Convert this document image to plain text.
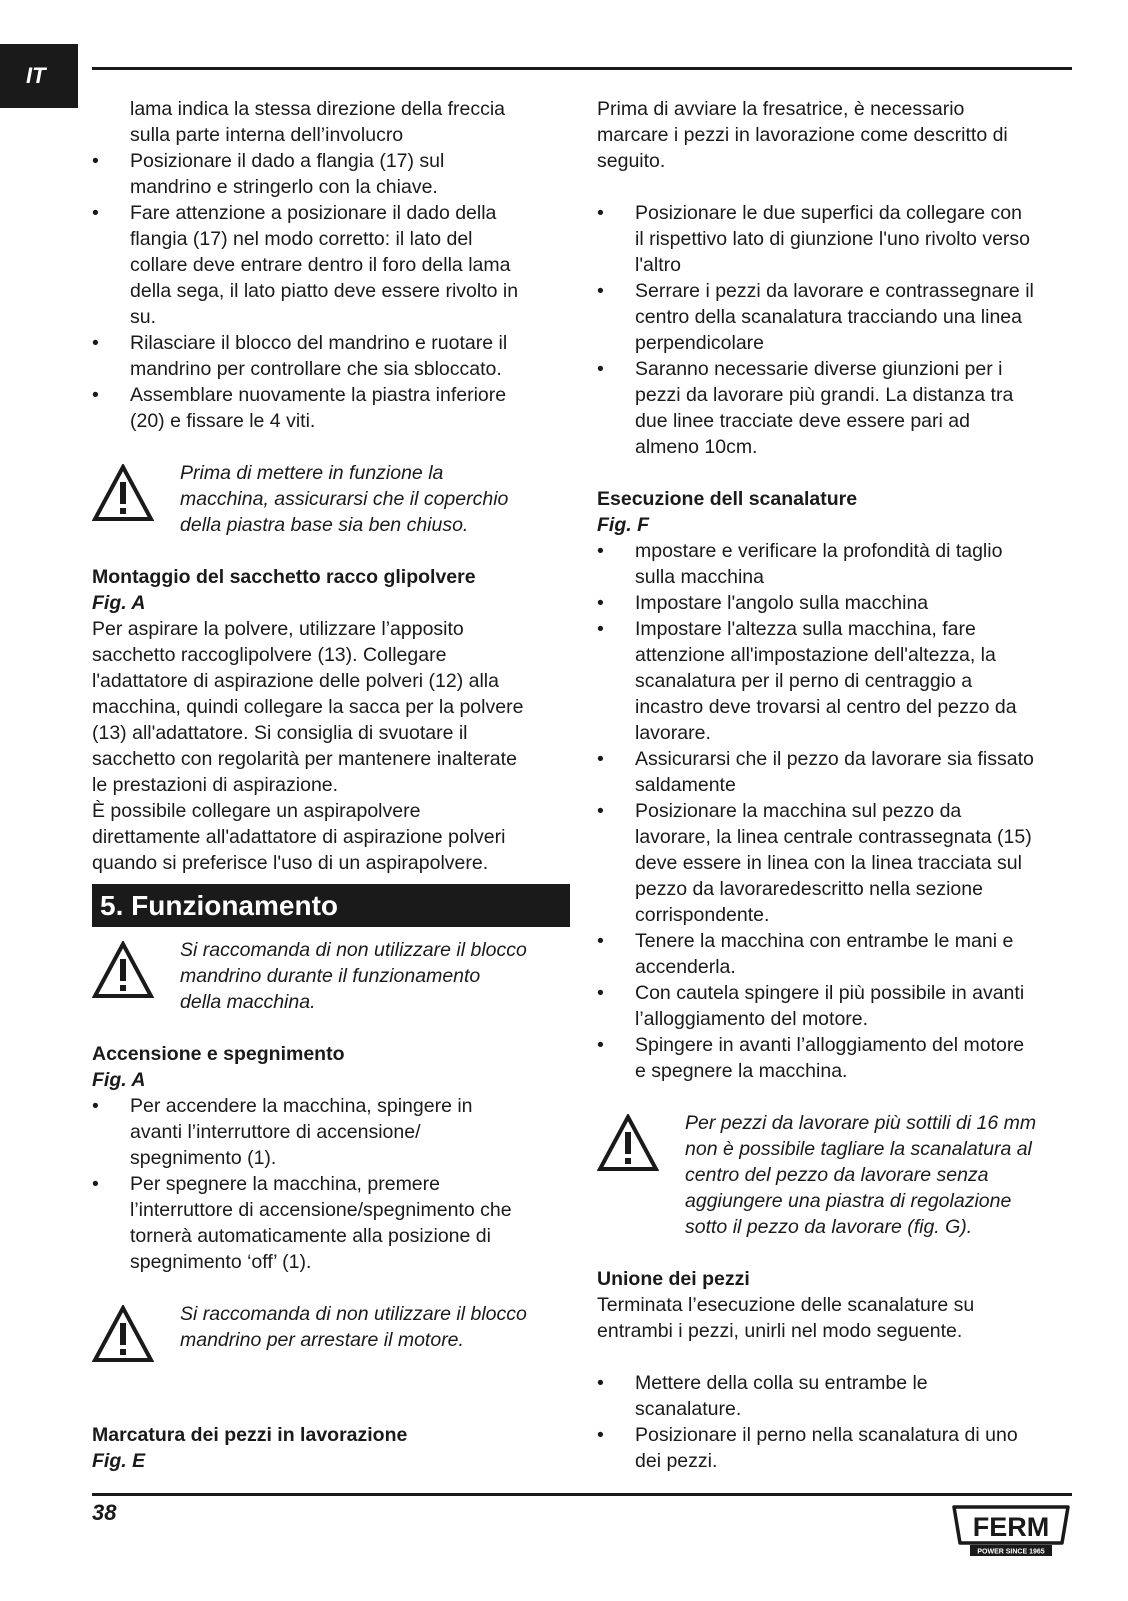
IT
lama indica la stessa direzione della freccia
sulla parte interna dell’involucro
•	Posizionare il dado a flangia (17) sul
mandrino e stringerlo con la chiave.
•	Fare attenzione a posizionare il dado della
flangia (17) nel modo corretto: il lato del
collare deve entrare dentro il foro della lama
della sega, il lato piatto deve essere rivolto in
su.
•	Rilasciare il blocco del mandrino e ruotare il
mandrino per controllare che sia sbloccato.
•	Assemblare nuovamente la piastra inferiore
(20) e fissare le 4 viti.
Prima di mettere in funzione la
macchina, assicurarsi che il coperchio
della piastra base sia ben chiuso.
Montaggio del sacchetto racco glipolvere
Fig. A
Per aspirare la polvere, utilizzare l’apposito
sacchetto raccoglipolvere (13). Collegare
l'adattatore di aspirazione delle polveri (12) alla
macchina, quindi collegare la sacca per la polvere
(13) all'adattatore. Si consiglia di svuotare il
sacchetto con regolarità per mantenere inalterate
le prestazioni di aspirazione.
È possibile collegare un aspirapolvere
direttamente all'adattatore di aspirazione polveri
quando si preferisce l'uso di un aspirapolvere.
5. Funzionamento
Si raccomanda di non utilizzare il blocco
mandrino durante il funzionamento
della macchina.
Accensione e spegnimento
Fig. A
•	Per accendere la macchina, spingere in
avanti l’interruttore di accensione/
spegnimento (1).
•	Per spegnere la macchina, premere
l’interruttore di accensione/spegnimento che
tornerà automaticamente alla posizione di
spegnimento ‘off’ (1).
Si raccomanda di non utilizzare il blocco
mandrino per arrestare il motore.
Marcatura dei pezzi in lavorazione
Fig. E
Prima di avviare la fresatrice, è necessario
marcare i pezzi in lavorazione come descritto di
seguito.
•	Posizionare le due superfici da collegare con
il rispettivo lato di giunzione l'uno rivolto verso
l'altro
•	Serrare i pezzi da lavorare e contrassegnare il
centro della scanalatura tracciando una linea
perpendicolare
•	Saranno necessarie diverse giunzioni per i
pezzi da lavorare più grandi. La distanza tra
due linee tracciate deve essere pari ad
almeno 10cm.
Esecuzione dell scanalature
Fig. F
•	mpostare e verificare la profondità di taglio
sulla macchina
•	Impostare l'angolo sulla macchina
•	Impostare l'altezza sulla macchina, fare
attenzione all'impostazione dell'altezza, la
scanalatura per il perno di centraggio a
incastro deve trovarsi al centro del pezzo da
lavorare.
•	Assicurarsi che il pezzo da lavorare sia fissato
saldamente
•	Posizionare la macchina sul pezzo da
lavorare, la linea centrale contrassegnata (15)
deve essere in linea con la linea tracciata sul
pezzo da lavoraredescritto nella sezione
corrispondente.
•	Tenere la macchina con entrambe le mani e
accenderla.
•	Con cautela spingere il più possibile in avanti
l’alloggiamento del motore.
•	Spingere in avanti l’alloggiamento del motore
e spegnere la macchina.
Per pezzi da lavorare più sottili di 16 mm
non è possibile tagliare la scanalatura al
centro del pezzo da lavorare senza
aggiungere una piastra di regolazione
sotto il pezzo da lavorare (fig. G).
Unione dei pezzi
Terminata l’esecuzione delle scanalature su
entrambi i pezzi, unirli nel modo seguente.
•	Mettere della colla su entrambe le
scanalature.
•	Posizionare il perno nella scanalatura di uno
dei pezzi.
38	FERM
POWER SINCE 1965
